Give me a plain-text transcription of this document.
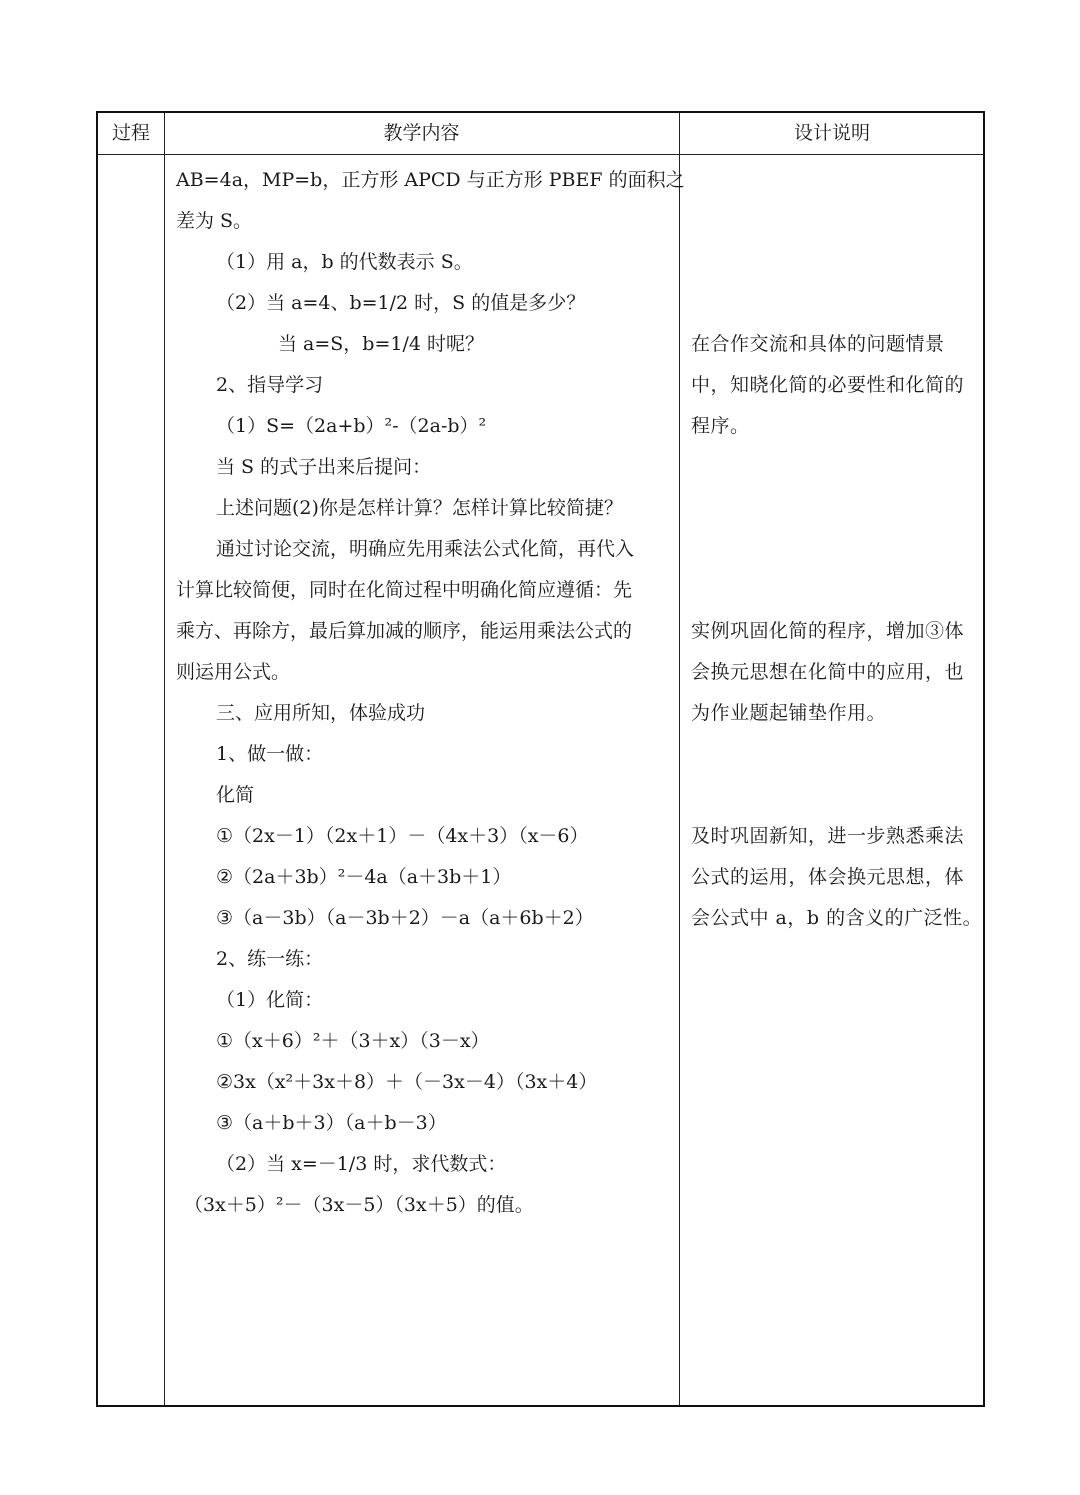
过程	教学内容	设计说明
AB=4a，MP=b，正方形 APCD 与正方形 PBEF 的面积之
差为 S。
（1）用 a，b 的代数表示 S。
（2）当 a=4、b=1/2 时，S 的值是多少？
当 a=S，b=1/4 时呢？
2、指导学习
（1）S=（2a+b）²-（2a-b）²
当 S 的式子出来后提问：
上述问题(2)你是怎样计算？怎样计算比较简捷？
通过讨论交流，明确应先用乘法公式化简，再代入
计算比较简便，同时在化简过程中明确化简应遵循：先
乘方、再除方，最后算加减的顺序，能运用乘法公式的
则运用公式。
三、应用所知，体验成功
1、做一做：
化简
①（2x－1）（2x＋1）－（4x＋3）（x－6）
②（2a＋3b）²－4a（a＋3b＋1）
③（a－3b）（a－3b＋2）－a（a＋6b＋2）
2、练一练：
（1）化简：
①（x＋6）²＋（3＋x）（3－x）
②3x（x²＋3x＋8）＋（－3x－4）（3x＋4）
③（a＋b＋3）（a＋b－3）
（2）当 x=－1/3 时，求代数式：
（3x＋5）²－（3x－5）（3x＋5）的值。
在合作交流和具体的问题情景
中，知晓化简的必要性和化简的
程序。
实例巩固化简的程序，增加③体
会换元思想在化简中的应用，也
为作业题起铺垫作用。
及时巩固新知，进一步熟悉乘法
公式的运用，体会换元思想，体
会公式中 a，b 的含义的广泛性。
